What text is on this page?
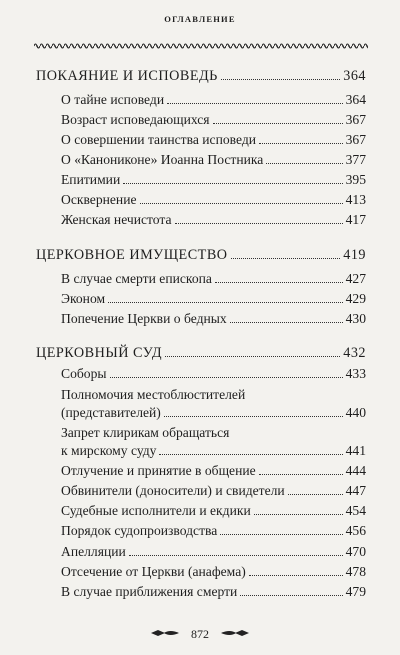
ОГЛАВЛЕНИЕ
ПОКАЯНИЕ И ИСПОВЕДЬ	364
О тайне исповеди	364
Возраст исповедающихся	367
О совершении таинства исповеди	367
О «Канониконе» Иоанна Постника	377
Епитимии	395
Осквернение	413
Женская нечистота	417
ЦЕРКОВНОЕ ИМУЩЕСТВО	419
В случае смерти епископа	427
Эконом	429
Попечение Церкви о бедных	430
ЦЕРКОВНЫЙ СУД	432
Соборы	433
Полномочия местоблюстителей
(представителей)	440
Запрет клирикам обращаться
к мирскому суду	441
Отлучение и принятие в общение	444
Обвинители (доносители) и свидетели	447
Судебные исполнители и екдики	454
Порядок судопроизводства	456
Апелляции	470
Отсечение от Церкви (анафема)	478
В случае приближения смерти	479
872
